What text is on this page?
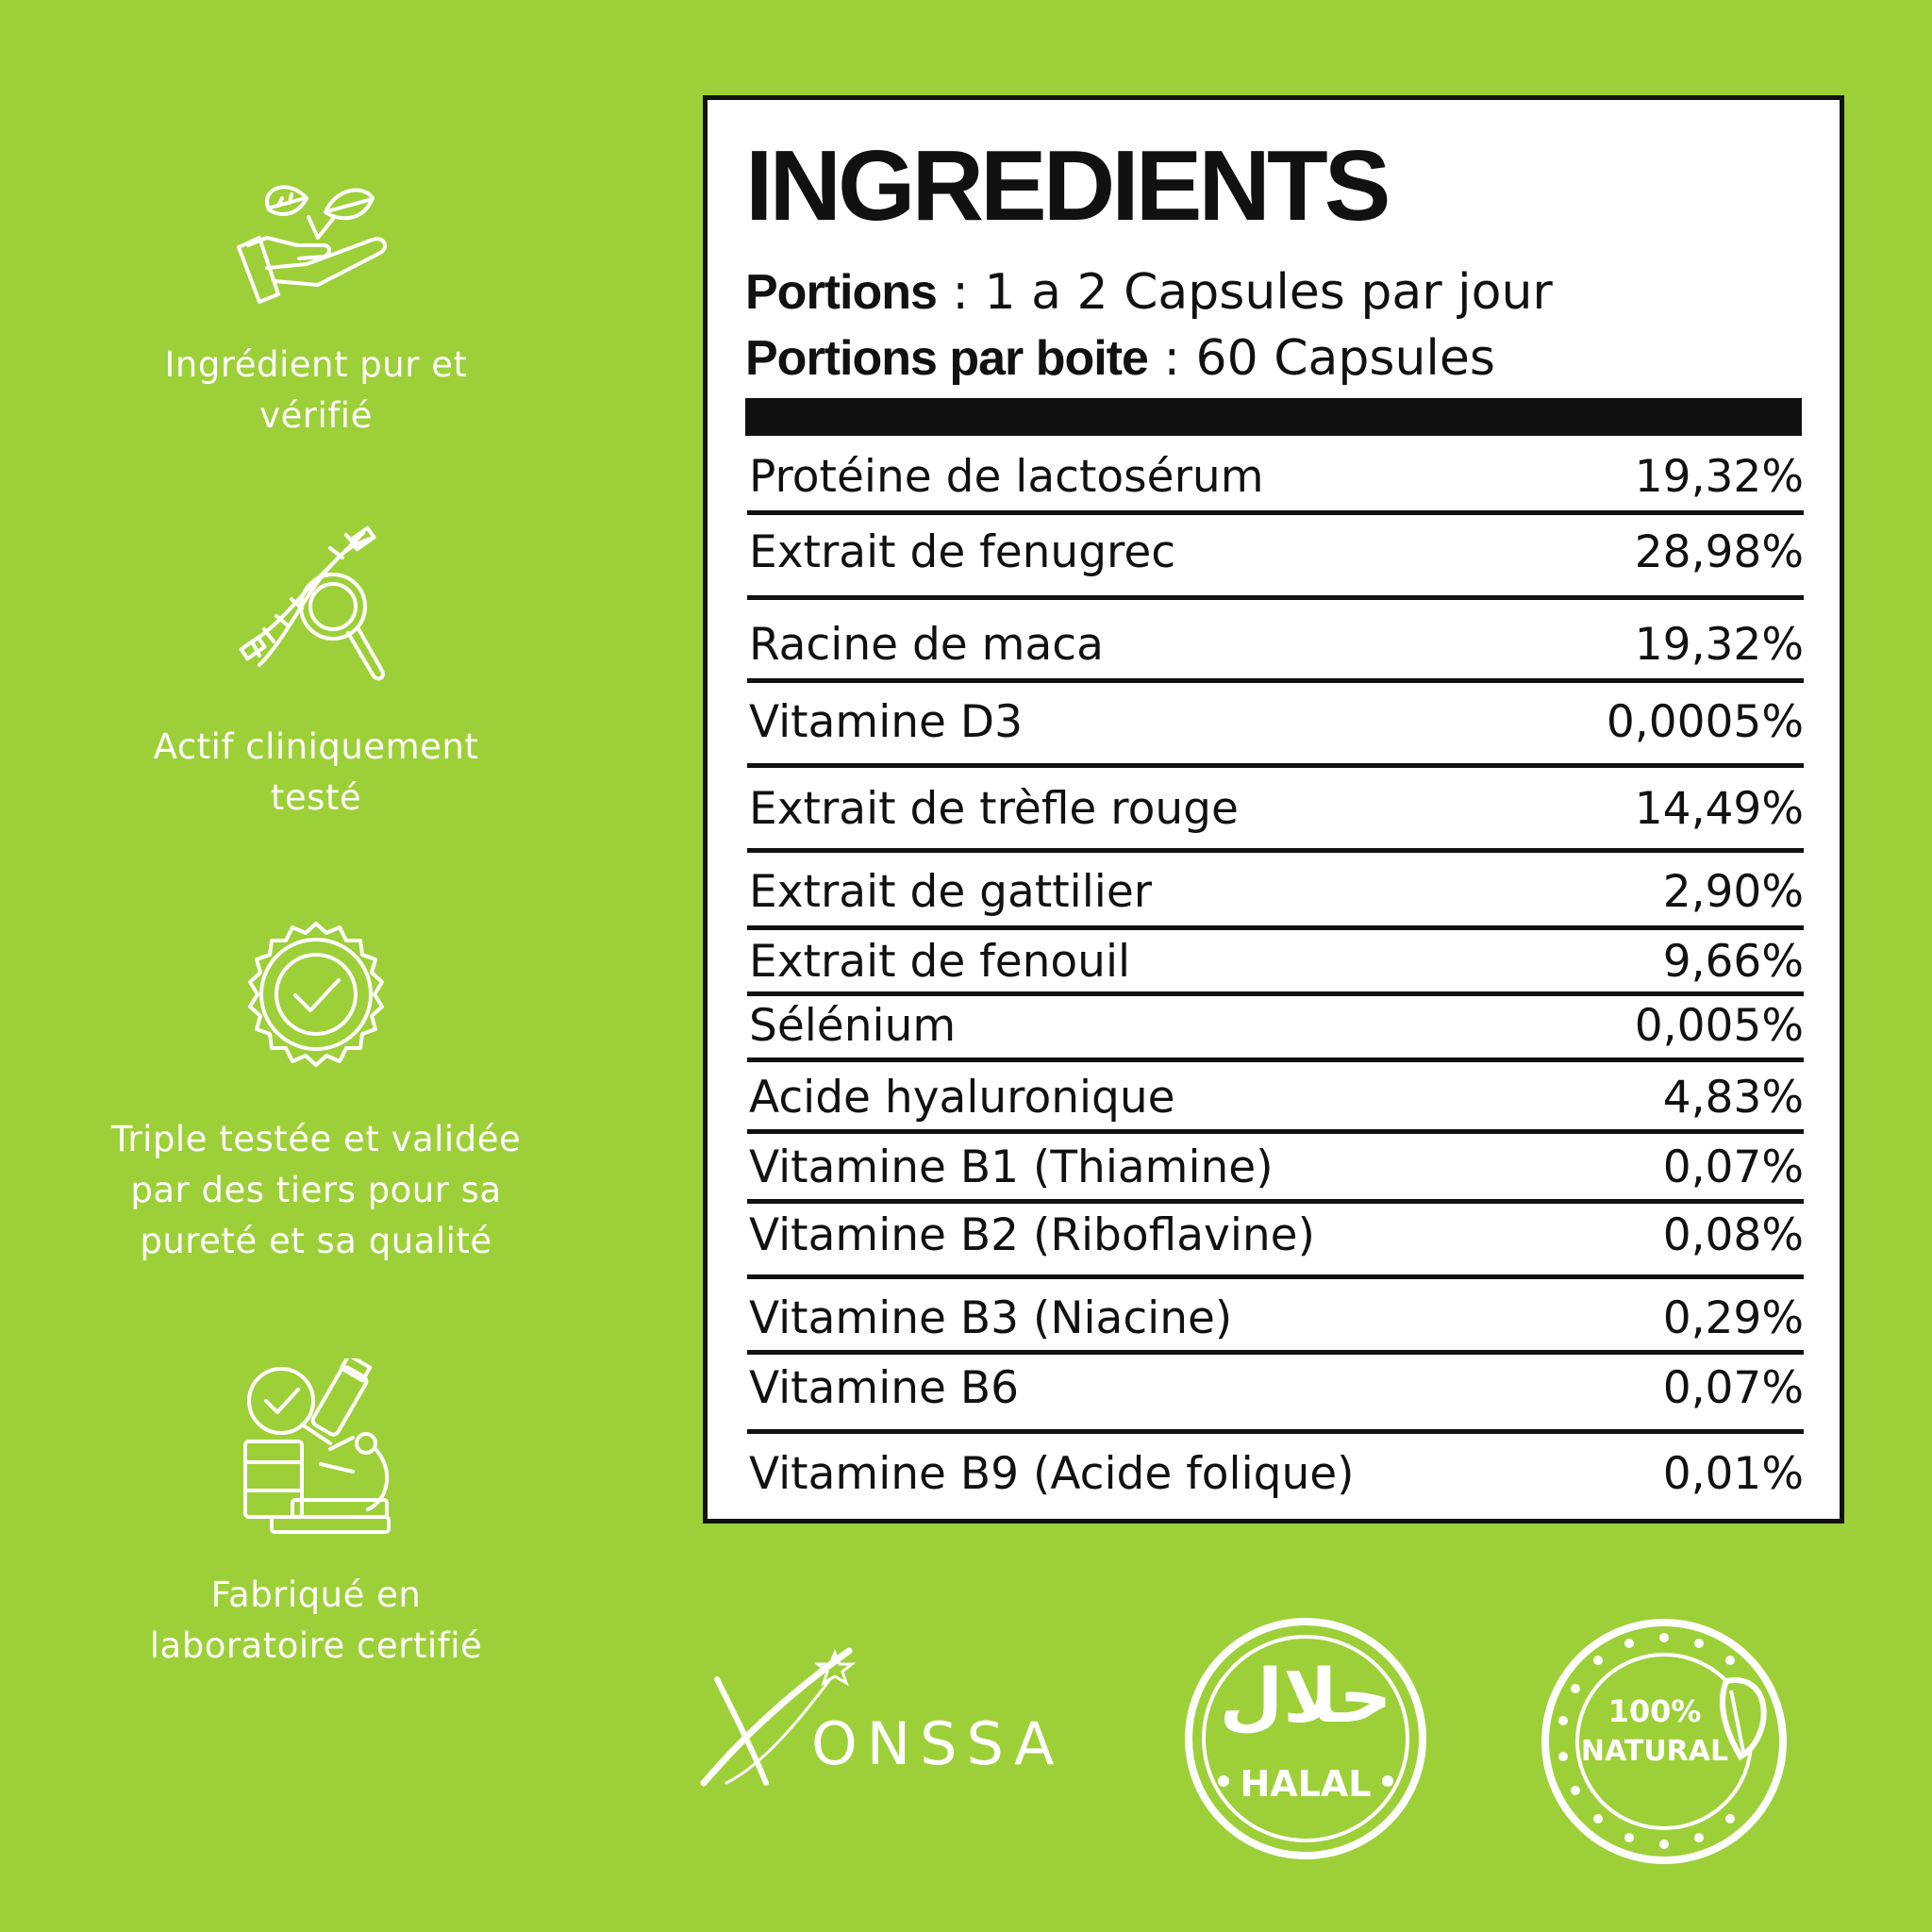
Ingrédient pur et
vérifié
Actif cliniquement
testé
Triple testée et validée
par des tiers pour sa
pureté et sa qualité
Fabriqué en
laboratoire certifié
INGREDIENTS
Portions : 1 a 2 Capsules par jour
Portions par boite : 60 Capsules
Protéine de lactosérum	19,32%
Extrait de fenugrec	28,98%
Racine de maca	19,32%
Vitamine D3	0,0005%
Extrait de trèfle rouge	14,49%
Extrait de gattilier	2,90%
Extrait de fenouil	9,66%
Sélénium	0,005%
Acide hyaluronique	4,83%
Vitamine B1 (Thiamine)	0,07%
Vitamine B2 (Riboflavine)	0,08%
Vitamine B3 (Niacine)	0,29%
Vitamine B6	0,07%
Vitamine B9 (Acide folique)	0,01%
ONSSA
حلال
HALAL
100%
NATURAL
